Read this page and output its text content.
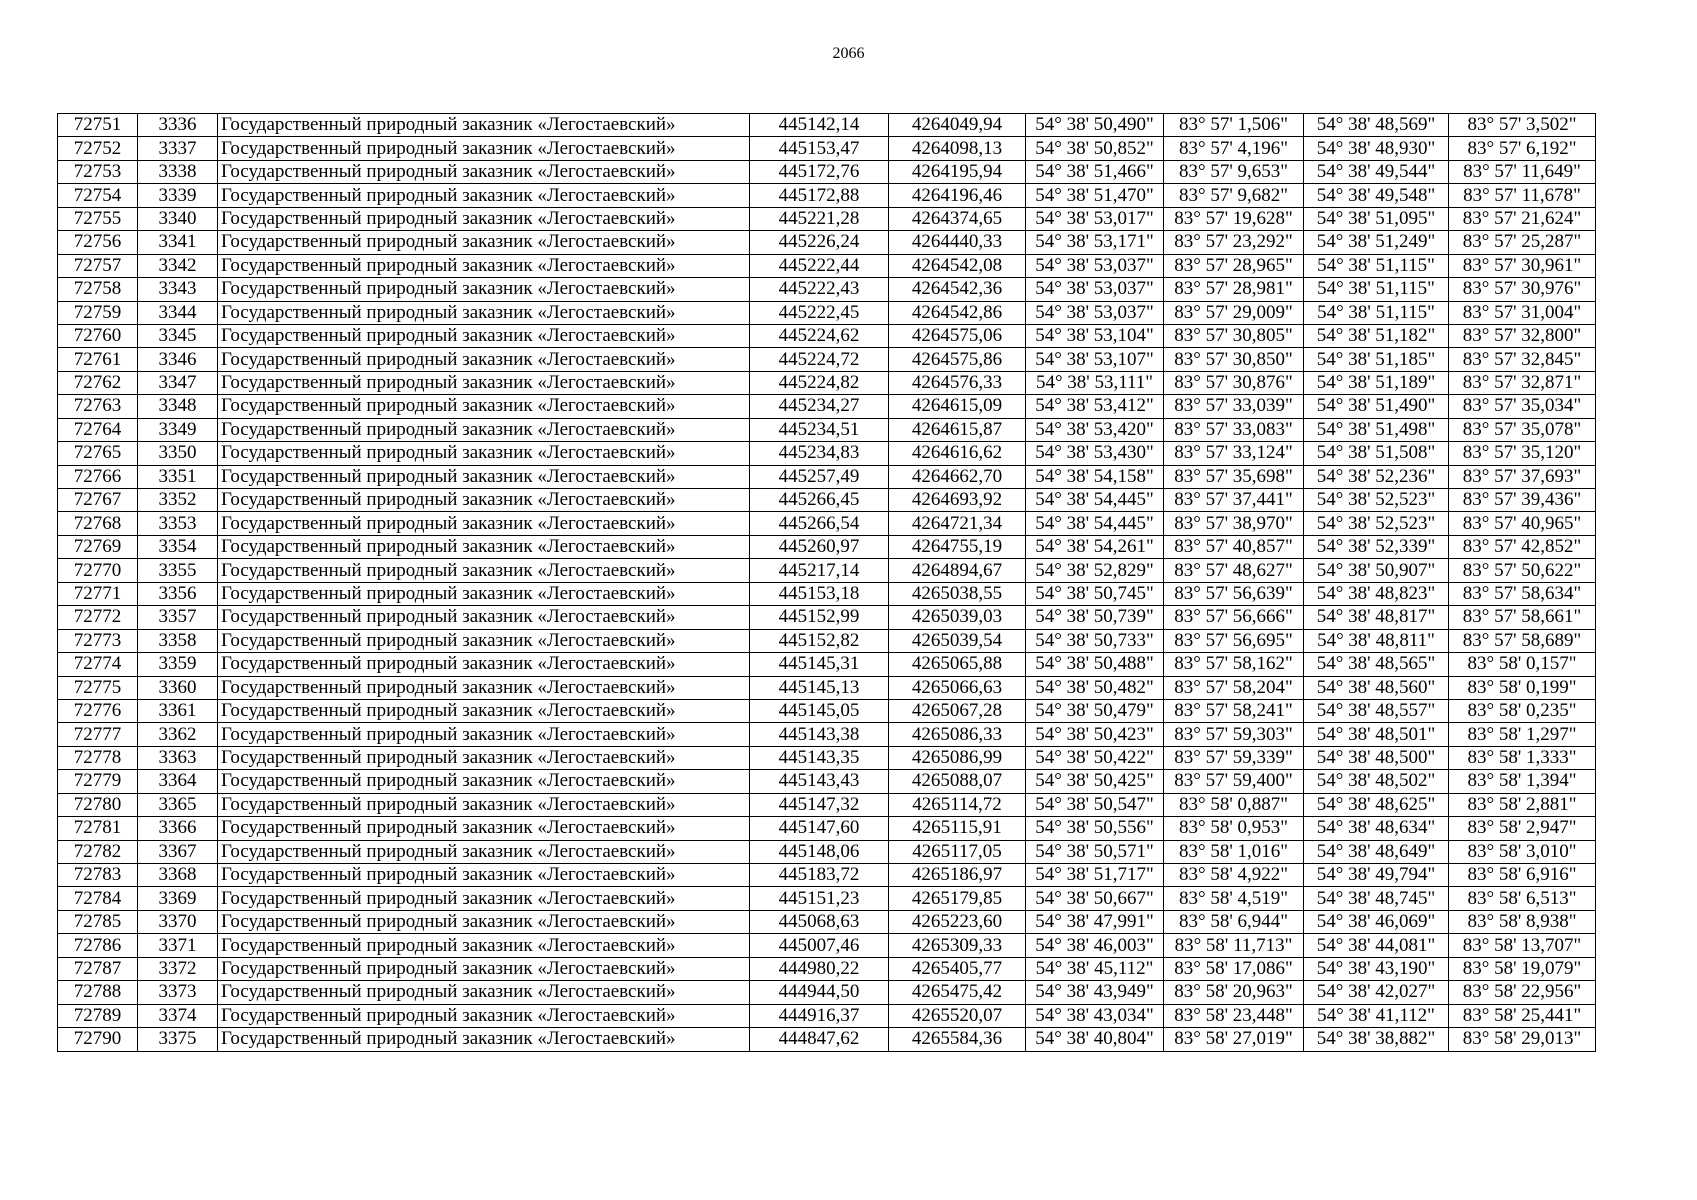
2066
72751	3336	Государственный природный заказник «Легостаевский»	445142,14	4264049,94	54° 38' 50,490"	83° 57' 1,506"	54° 38' 48,569"	83° 57' 3,502"
72752	3337	Государственный природный заказник «Легостаевский»	445153,47	4264098,13	54° 38' 50,852"	83° 57' 4,196"	54° 38' 48,930"	83° 57' 6,192"
72753	3338	Государственный природный заказник «Легостаевский»	445172,76	4264195,94	54° 38' 51,466"	83° 57' 9,653"	54° 38' 49,544"	83° 57' 11,649"
72754	3339	Государственный природный заказник «Легостаевский»	445172,88	4264196,46	54° 38' 51,470"	83° 57' 9,682"	54° 38' 49,548"	83° 57' 11,678"
72755	3340	Государственный природный заказник «Легостаевский»	445221,28	4264374,65	54° 38' 53,017"	83° 57' 19,628"	54° 38' 51,095"	83° 57' 21,624"
72756	3341	Государственный природный заказник «Легостаевский»	445226,24	4264440,33	54° 38' 53,171"	83° 57' 23,292"	54° 38' 51,249"	83° 57' 25,287"
72757	3342	Государственный природный заказник «Легостаевский»	445222,44	4264542,08	54° 38' 53,037"	83° 57' 28,965"	54° 38' 51,115"	83° 57' 30,961"
72758	3343	Государственный природный заказник «Легостаевский»	445222,43	4264542,36	54° 38' 53,037"	83° 57' 28,981"	54° 38' 51,115"	83° 57' 30,976"
72759	3344	Государственный природный заказник «Легостаевский»	445222,45	4264542,86	54° 38' 53,037"	83° 57' 29,009"	54° 38' 51,115"	83° 57' 31,004"
72760	3345	Государственный природный заказник «Легостаевский»	445224,62	4264575,06	54° 38' 53,104"	83° 57' 30,805"	54° 38' 51,182"	83° 57' 32,800"
72761	3346	Государственный природный заказник «Легостаевский»	445224,72	4264575,86	54° 38' 53,107"	83° 57' 30,850"	54° 38' 51,185"	83° 57' 32,845"
72762	3347	Государственный природный заказник «Легостаевский»	445224,82	4264576,33	54° 38' 53,111"	83° 57' 30,876"	54° 38' 51,189"	83° 57' 32,871"
72763	3348	Государственный природный заказник «Легостаевский»	445234,27	4264615,09	54° 38' 53,412"	83° 57' 33,039"	54° 38' 51,490"	83° 57' 35,034"
72764	3349	Государственный природный заказник «Легостаевский»	445234,51	4264615,87	54° 38' 53,420"	83° 57' 33,083"	54° 38' 51,498"	83° 57' 35,078"
72765	3350	Государственный природный заказник «Легостаевский»	445234,83	4264616,62	54° 38' 53,430"	83° 57' 33,124"	54° 38' 51,508"	83° 57' 35,120"
72766	3351	Государственный природный заказник «Легостаевский»	445257,49	4264662,70	54° 38' 54,158"	83° 57' 35,698"	54° 38' 52,236"	83° 57' 37,693"
72767	3352	Государственный природный заказник «Легостаевский»	445266,45	4264693,92	54° 38' 54,445"	83° 57' 37,441"	54° 38' 52,523"	83° 57' 39,436"
72768	3353	Государственный природный заказник «Легостаевский»	445266,54	4264721,34	54° 38' 54,445"	83° 57' 38,970"	54° 38' 52,523"	83° 57' 40,965"
72769	3354	Государственный природный заказник «Легостаевский»	445260,97	4264755,19	54° 38' 54,261"	83° 57' 40,857"	54° 38' 52,339"	83° 57' 42,852"
72770	3355	Государственный природный заказник «Легостаевский»	445217,14	4264894,67	54° 38' 52,829"	83° 57' 48,627"	54° 38' 50,907"	83° 57' 50,622"
72771	3356	Государственный природный заказник «Легостаевский»	445153,18	4265038,55	54° 38' 50,745"	83° 57' 56,639"	54° 38' 48,823"	83° 57' 58,634"
72772	3357	Государственный природный заказник «Легостаевский»	445152,99	4265039,03	54° 38' 50,739"	83° 57' 56,666"	54° 38' 48,817"	83° 57' 58,661"
72773	3358	Государственный природный заказник «Легостаевский»	445152,82	4265039,54	54° 38' 50,733"	83° 57' 56,695"	54° 38' 48,811"	83° 57' 58,689"
72774	3359	Государственный природный заказник «Легостаевский»	445145,31	4265065,88	54° 38' 50,488"	83° 57' 58,162"	54° 38' 48,565"	83° 58' 0,157"
72775	3360	Государственный природный заказник «Легостаевский»	445145,13	4265066,63	54° 38' 50,482"	83° 57' 58,204"	54° 38' 48,560"	83° 58' 0,199"
72776	3361	Государственный природный заказник «Легостаевский»	445145,05	4265067,28	54° 38' 50,479"	83° 57' 58,241"	54° 38' 48,557"	83° 58' 0,235"
72777	3362	Государственный природный заказник «Легостаевский»	445143,38	4265086,33	54° 38' 50,423"	83° 57' 59,303"	54° 38' 48,501"	83° 58' 1,297"
72778	3363	Государственный природный заказник «Легостаевский»	445143,35	4265086,99	54° 38' 50,422"	83° 57' 59,339"	54° 38' 48,500"	83° 58' 1,333"
72779	3364	Государственный природный заказник «Легостаевский»	445143,43	4265088,07	54° 38' 50,425"	83° 57' 59,400"	54° 38' 48,502"	83° 58' 1,394"
72780	3365	Государственный природный заказник «Легостаевский»	445147,32	4265114,72	54° 38' 50,547"	83° 58' 0,887"	54° 38' 48,625"	83° 58' 2,881"
72781	3366	Государственный природный заказник «Легостаевский»	445147,60	4265115,91	54° 38' 50,556"	83° 58' 0,953"	54° 38' 48,634"	83° 58' 2,947"
72782	3367	Государственный природный заказник «Легостаевский»	445148,06	4265117,05	54° 38' 50,571"	83° 58' 1,016"	54° 38' 48,649"	83° 58' 3,010"
72783	3368	Государственный природный заказник «Легостаевский»	445183,72	4265186,97	54° 38' 51,717"	83° 58' 4,922"	54° 38' 49,794"	83° 58' 6,916"
72784	3369	Государственный природный заказник «Легостаевский»	445151,23	4265179,85	54° 38' 50,667"	83° 58' 4,519"	54° 38' 48,745"	83° 58' 6,513"
72785	3370	Государственный природный заказник «Легостаевский»	445068,63	4265223,60	54° 38' 47,991"	83° 58' 6,944"	54° 38' 46,069"	83° 58' 8,938"
72786	3371	Государственный природный заказник «Легостаевский»	445007,46	4265309,33	54° 38' 46,003"	83° 58' 11,713"	54° 38' 44,081"	83° 58' 13,707"
72787	3372	Государственный природный заказник «Легостаевский»	444980,22	4265405,77	54° 38' 45,112"	83° 58' 17,086"	54° 38' 43,190"	83° 58' 19,079"
72788	3373	Государственный природный заказник «Легостаевский»	444944,50	4265475,42	54° 38' 43,949"	83° 58' 20,963"	54° 38' 42,027"	83° 58' 22,956"
72789	3374	Государственный природный заказник «Легостаевский»	444916,37	4265520,07	54° 38' 43,034"	83° 58' 23,448"	54° 38' 41,112"	83° 58' 25,441"
72790	3375	Государственный природный заказник «Легостаевский»	444847,62	4265584,36	54° 38' 40,804"	83° 58' 27,019"	54° 38' 38,882"	83° 58' 29,013"
